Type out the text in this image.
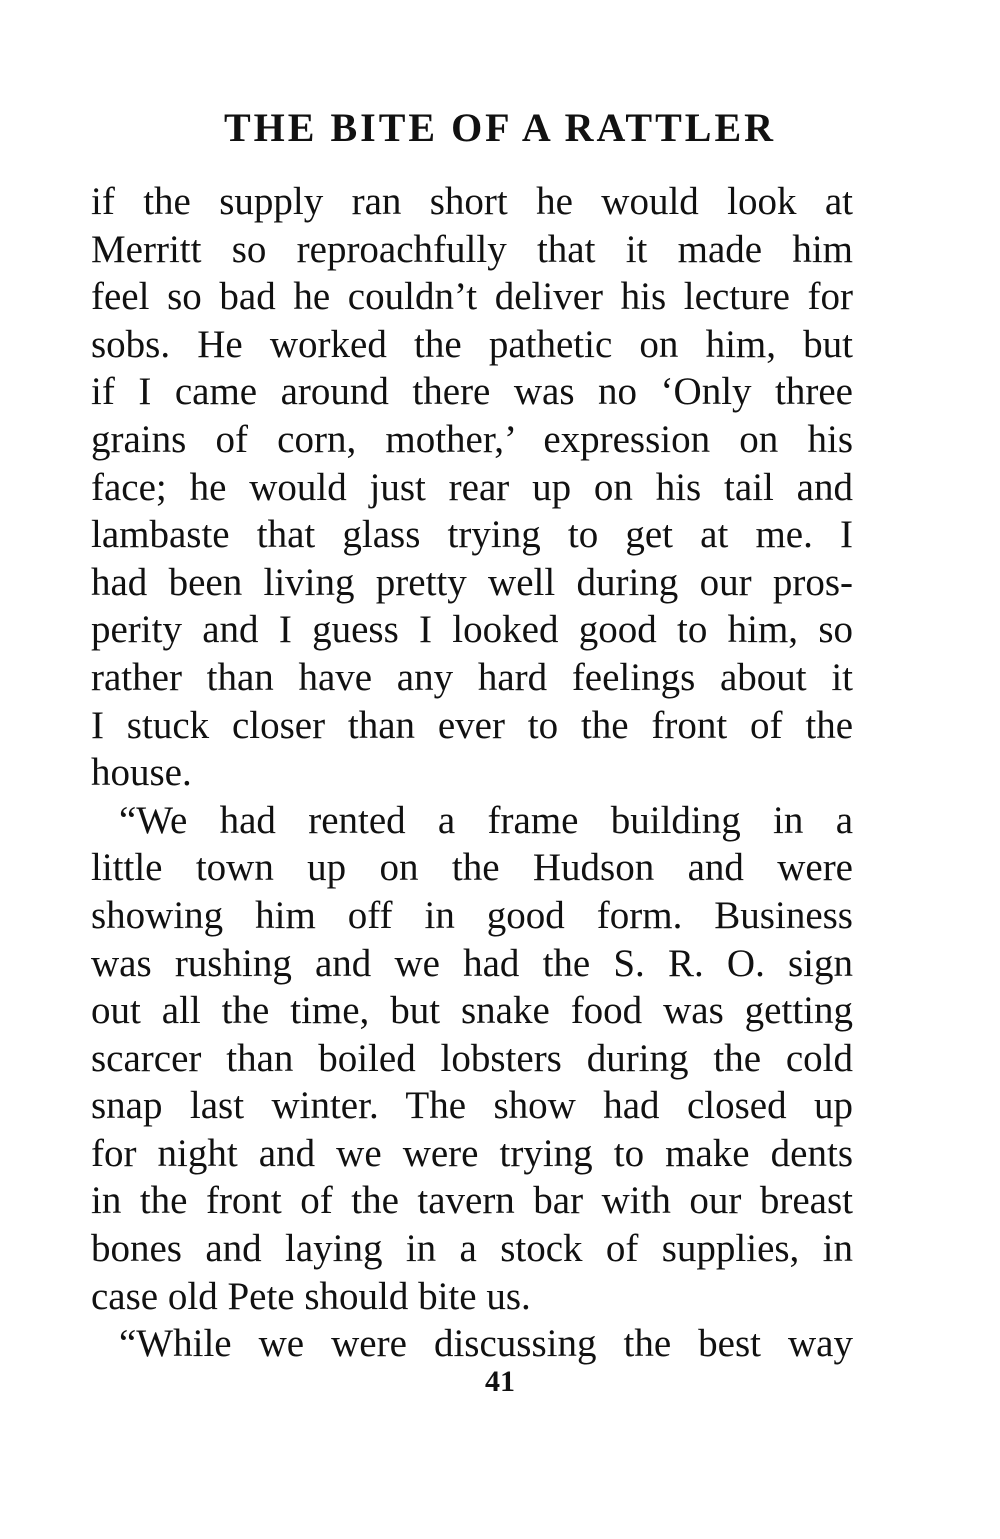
THE BITE OF A RATTLER
if the supply ran short he would look at
Merritt so reproachfully that it made him
feel so bad he couldn’t deliver his lecture for
sobs. He worked the pathetic on him, but
if I came around there was no ‘Only three
grains of corn, mother,’ expression on his
face; he would just rear up on his tail and
lambaste that glass trying to get at me. I
had been living pretty well during our pros-
perity and I guess I looked good to him, so
rather than have any hard feelings about it
I stuck closer than ever to the front of the
house.
“We had rented a frame building in a
little town up on the Hudson and were
showing him off in good form. Business
was rushing and we had the S. R. O. sign
out all the time, but snake food was getting
scarcer than boiled lobsters during the cold
snap last winter. The show had closed up
for night and we were trying to make dents
in the front of the tavern bar with our breast
bones and laying in a stock of supplies, in
case old Pete should bite us.
“While we were discussing the best way
41
